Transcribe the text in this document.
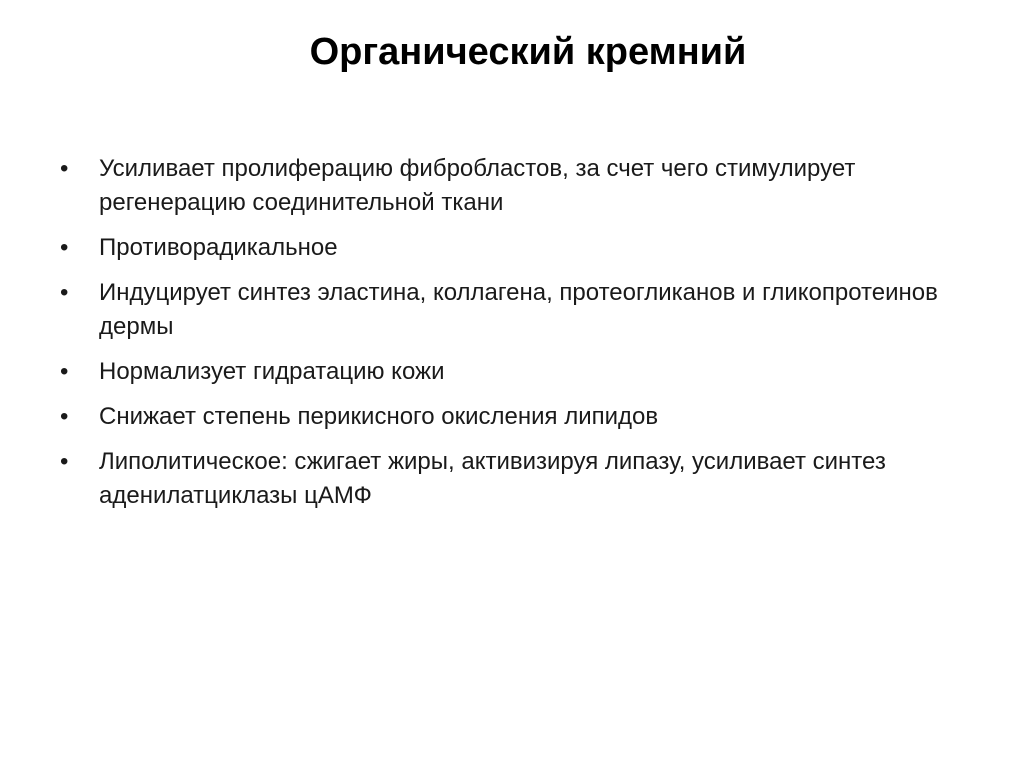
Органический кремний
•	Усиливает пролиферацию фибробластов, за счет чего стимулирует регенерацию соединительной ткани
•	Противорадикальное
•	Индуцирует синтез эластина, коллагена, протеогликанов и гликопротеинов дермы
•	Нормализует гидратацию кожи
•	Снижает степень перикисного окисления липидов
•	Липолитическое: сжигает жиры, активизируя липазу, усиливает синтез аденилатциклазы цАМФ
